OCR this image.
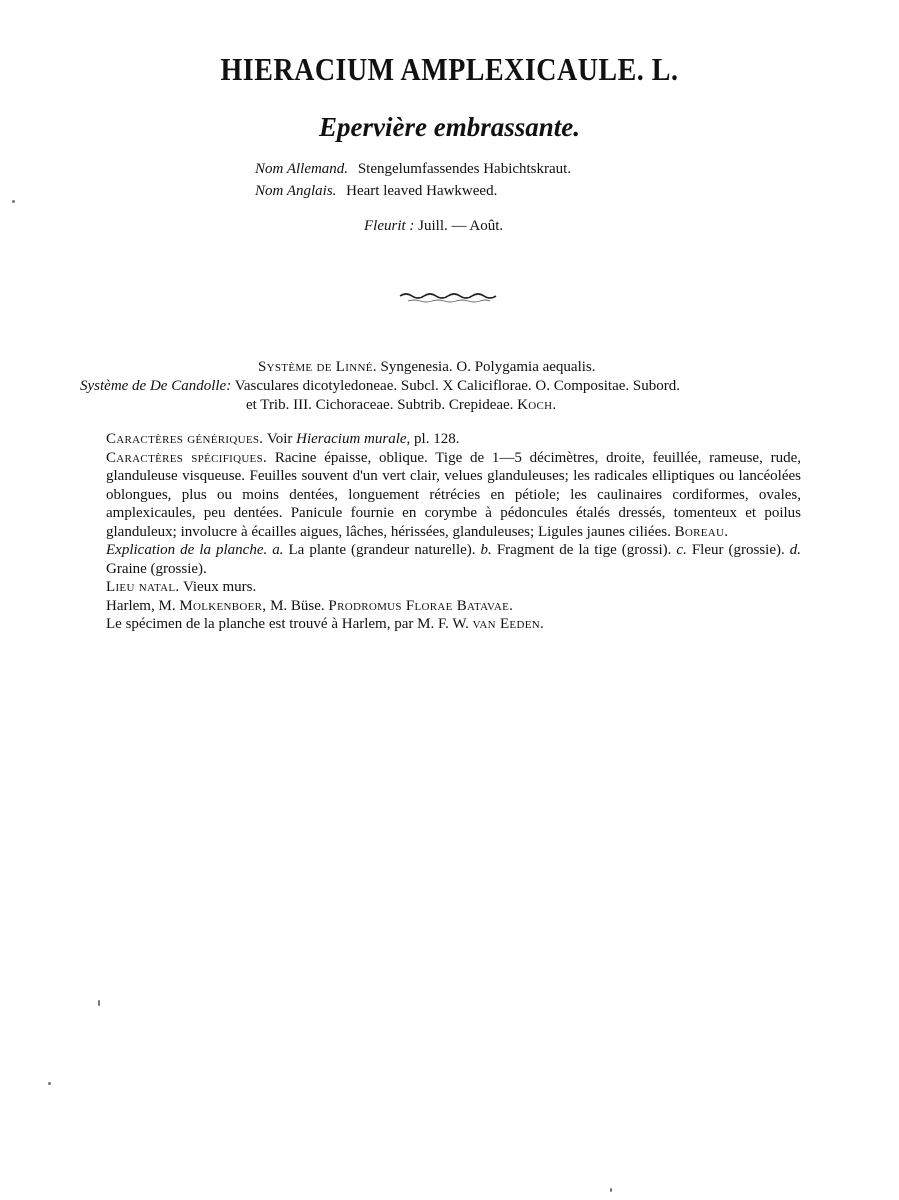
HIERACIUM AMPLEXICAULE. L.
Epervière embrassante.
Nom Allemand. Stengelumfassendes Habichtskraut.
Nom Anglais. Heart leaved Hawkweed.
Fleurit : Juill. — Août.
Système de Linné. Syngenesia. O. Polygamia aequalis.
Système de De Candolle: Vasculares dicotyledoneae. Subcl. X Caliciflorae. O. Compositae. Subord.
et Trib. III. Cichoraceae. Subtrib. Crepideae. Koch.

Caractères génériques. Voir Hieracium murale, pl. 128.

Caractères spécifiques. Racine épaisse, oblique. Tige de 1—5 décimètres, droite, feuillée, rameuse, rude, glanduleuse visqueuse. Feuilles souvent d'un vert clair, velues glanduleuses; les radicales elliptiques ou lancéolées oblongues, plus ou moins dentées, longuement rétrécies en pétiole; les caulinaires cordiformes, ovales, amplexicaules, peu dentées. Panicule fournie en corymbe à pédoncules étalés dressés, tomenteux et poilus glanduleux; involucre à écailles aigues, lâches, hérissées, glanduleuses; Ligules jaunes ciliées. Boreau.

Explication de la planche. a. La plante (grandeur naturelle). b. Fragment de la tige (grossi). c. Fleur (grossie). d. Graine (grossie).

Lieu natal. Vieux murs.

Harlem, M. Molkenboer, M. Büse. Prodromus Florae Batavae.

Le spécimen de la planche est trouvé à Harlem, par M. F. W. van Eeden.
